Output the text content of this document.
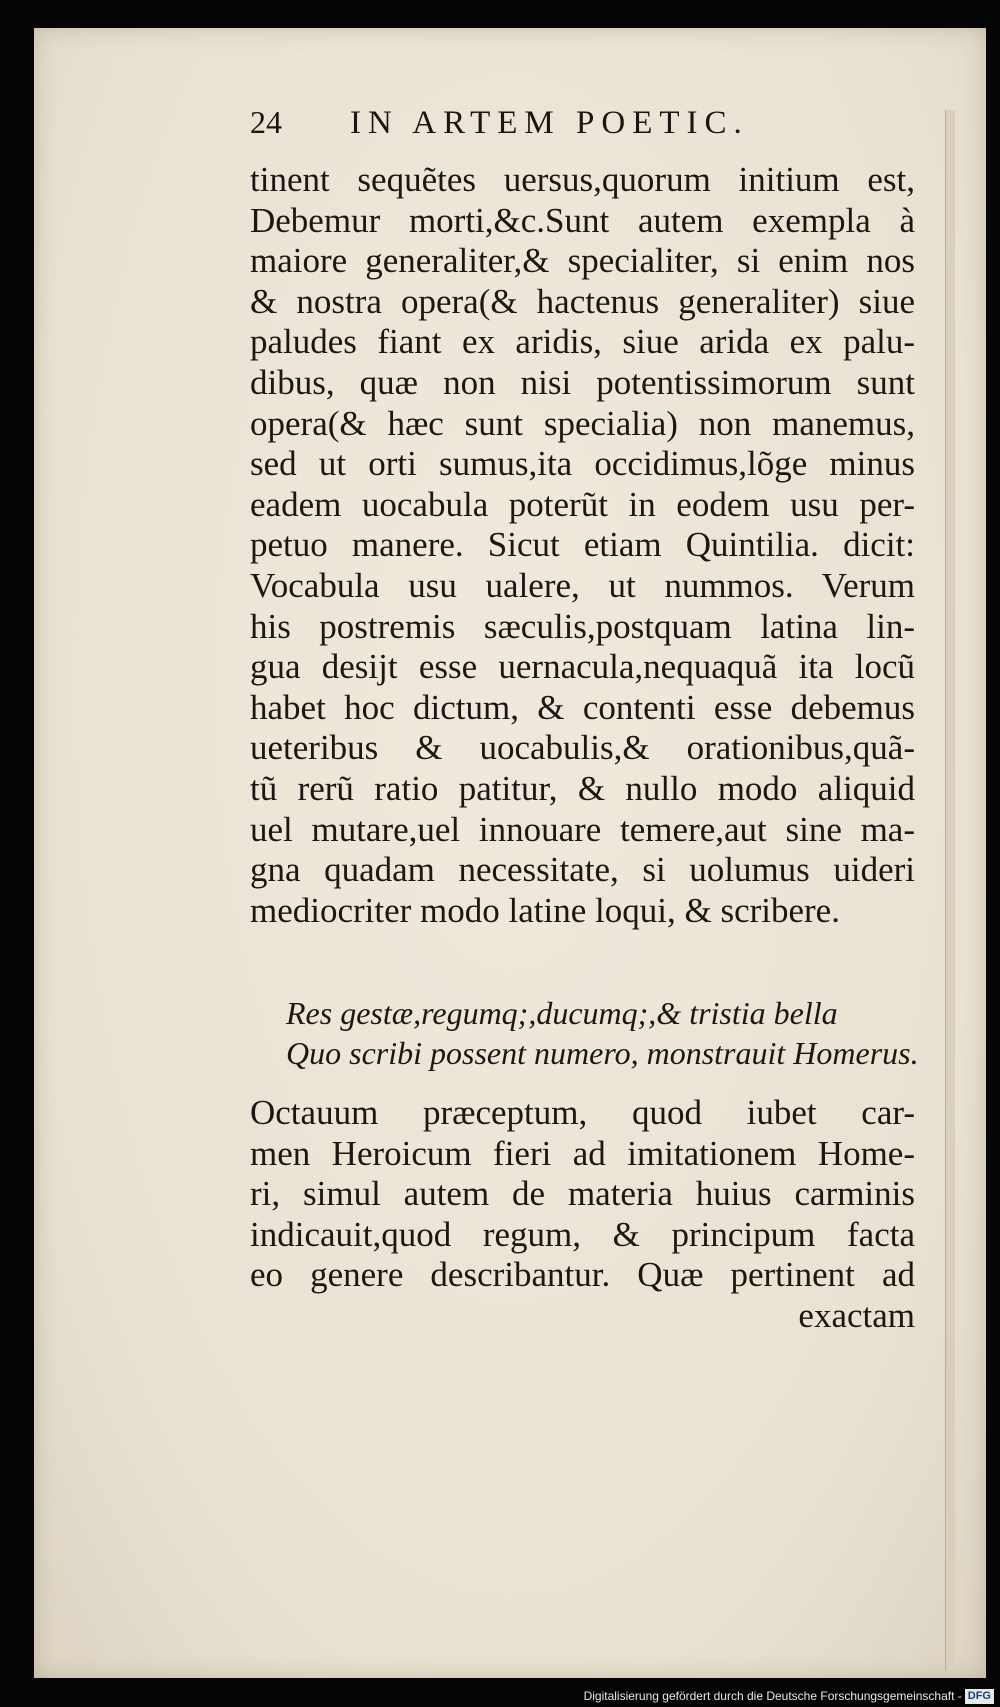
24	IN ARTEM POETIC.
tinent sequẽtes uersus,quorum initium est,
Debemur morti,&c.Sunt autem exempla à
maiore generaliter,& specialiter, si enim nos
& nostra opera(& hactenus generaliter) siue
paludes fiant ex aridis, siue arida ex palu-
dibus, quæ non nisi potentissimorum sunt
opera(& hæc sunt specialia) non manemus,
sed ut orti sumus,ita occidimus,lõge minus
eadem uocabula poterũt in eodem usu per-
petuo manere. Sicut etiam Quintilia. dicit:
Vocabula usu ualere, ut nummos. Verum
his postremis sæculis,postquam latina lin-
gua desijt esse uernacula,nequaquã ita locũ
habet hoc dictum, & contenti esse debemus
ueteribus & uocabulis,& orationibus,quã-
tũ rerũ ratio patitur, & nullo modo aliquid
uel mutare,uel innouare temere,aut sine ma-
gna quadam necessitate, si uolumus uideri
mediocriter modo latine loqui, & scribere.
Res gestæ,regumq;,ducumq;,& tristia bella
Quo scribi possent numero, monstrauit Homerus.
Octauum præceptum, quod iubet car-
men Heroicum fieri ad imitationem Home-
ri, simul autem de materia huius carminis
indicauit,quod regum, & principum facta
eo genere describantur. Quæ pertinent ad
exactam
Digitalisierung gefördert durch die Deutsche Forschungsgemeinschaft - DFG
